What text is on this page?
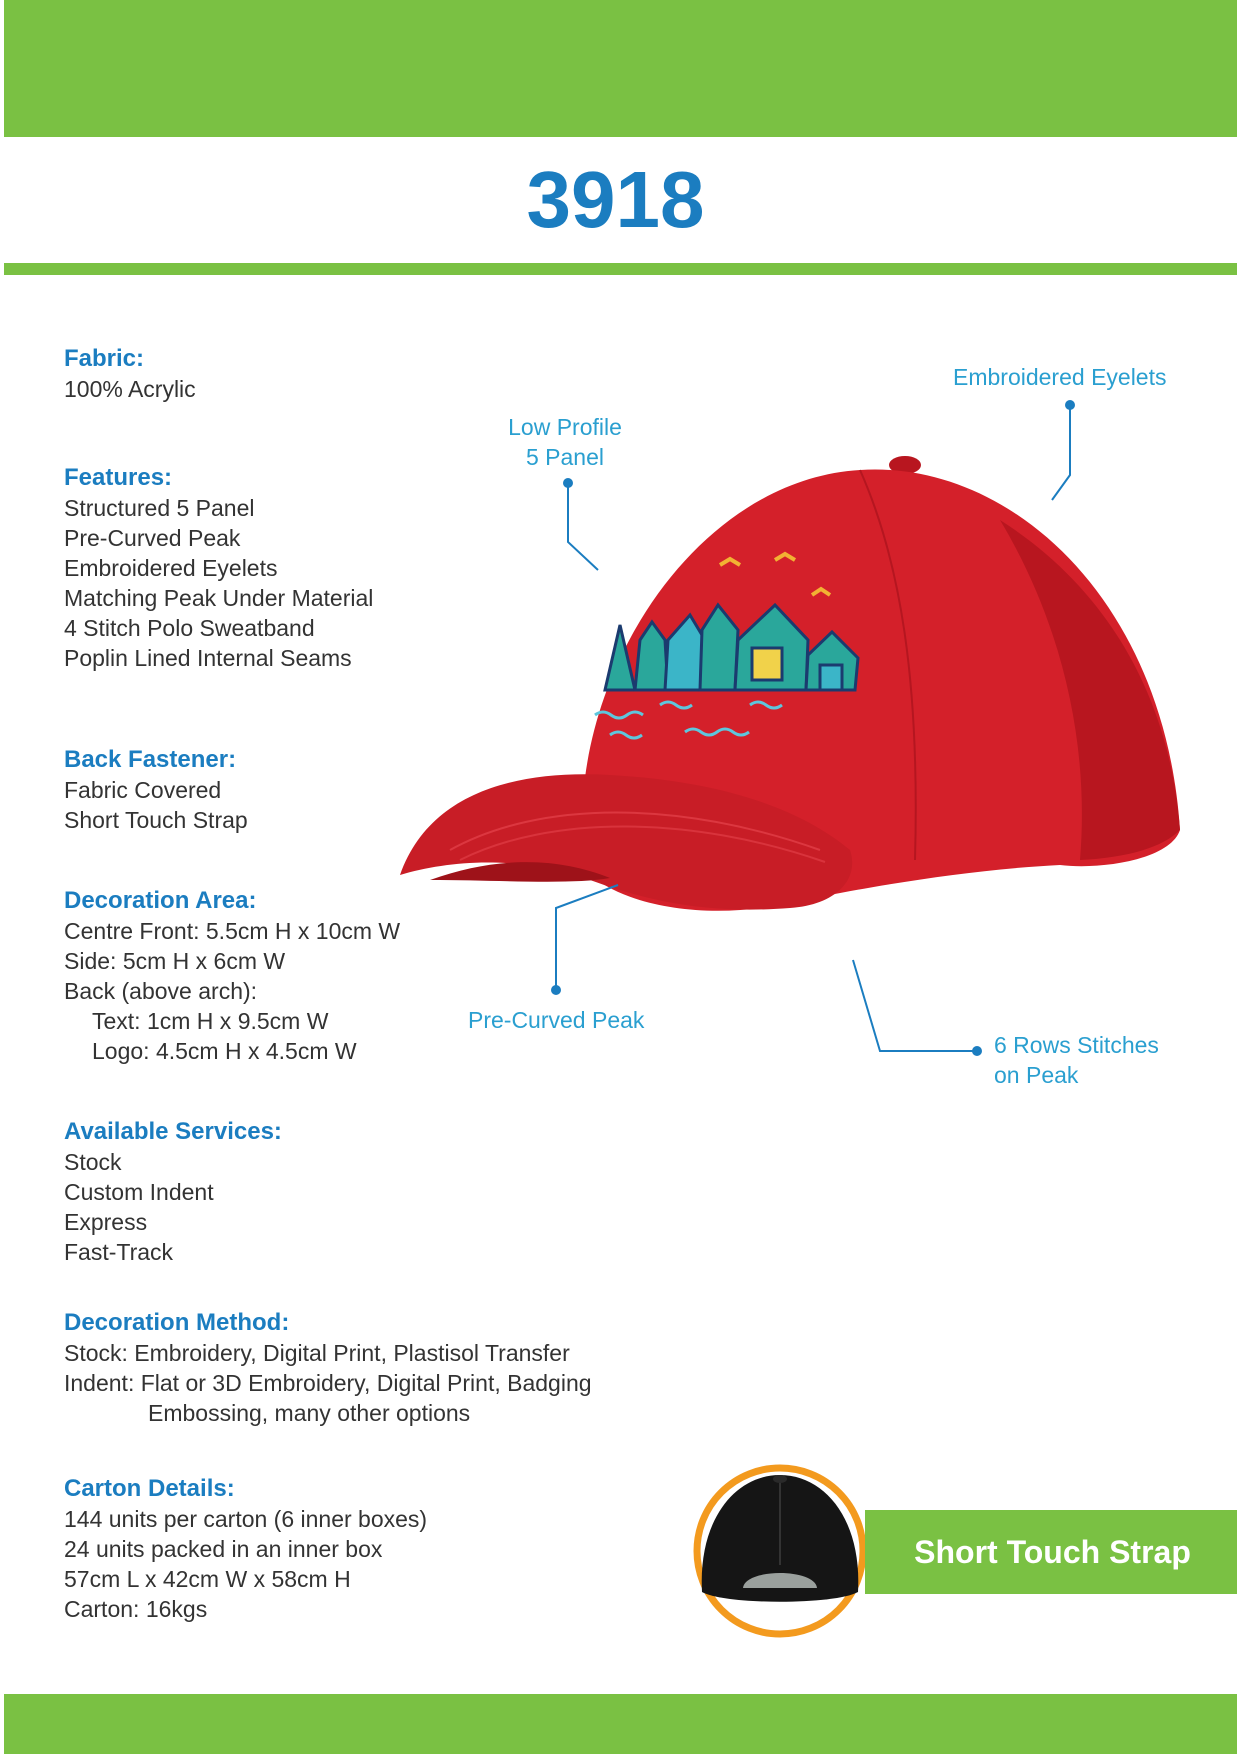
3918
Fabric:
100% Acrylic
Features:
Structured 5 Panel
Pre-Curved Peak
Embroidered Eyelets
Matching Peak Under Material
4 Stitch Polo Sweatband
Poplin Lined Internal Seams
Back Fastener:
Fabric Covered
Short Touch Strap
Decoration Area:
Centre Front: 5.5cm H x 10cm W
Side: 5cm H x 6cm W
Back (above arch):
Text: 1cm H x 9.5cm W
Logo: 4.5cm H x 4.5cm W
Available Services:
Stock
Custom Indent
Express
Fast-Track
Decoration Method:
Stock: Embroidery, Digital Print, Plastisol Transfer
Indent: Flat or 3D Embroidery, Digital Print, Badging
Embossing, many other options
Carton Details:
144 units per carton (6 inner boxes)
24 units packed in an inner box
57cm L x 42cm W x 58cm H
Carton: 16kgs
Low Profile
5 Panel
Embroidered Eyelets
Pre-Curved Peak
6 Rows Stitches
on Peak
Short Touch Strap
